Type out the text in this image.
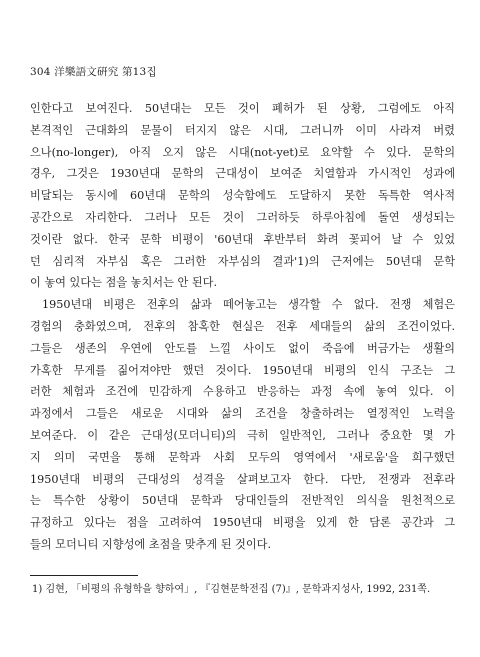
304 洋樂語文硏究 第13집
인한다고 보여진다. 50년대는 모든 것이 폐허가 된 상황, 그럼에도 아직
본격적인 근대화의 문물이 터지지 않은 시대, 그러니까 이미 사라져 버렸
으나(no-longer), 아직 오지 않은 시대(not-yet)로 요약할 수 있다. 문학의
경우, 그것은 1930년대 문학의 근대성이 보여준 치열함과 가시적인 성과에
비달되는 동시에 60년대 문학의 성숙함에도 도달하지 못한 독특한 역사적
공간으로 자리한다. 그러나 모든 것이 그러하듯 하루아침에 돌연 생성되는
것이란 없다. 한국 문학 비평이 '60년대 후반부터 화려 꽃피어 날 수 있었
던 심리적 자부심 혹은 그러한 자부심의 결과'1)의 근저에는 50년대 문학
이 놓여 있다는 점을 놓치서는 안 된다.
1950년대 비평은 전후의 삶과 떼어놓고는 생각할 수 없다. 전쟁 체험은
경험의 충화였으며, 전후의 참혹한 현실은 전후 세대들의 삶의 조건이었다.
그들은 생존의 우연에 안도를 느낄 사이도 없이 죽음에 버금가는 생활의
가혹한 무게를 짊어져야만 했던 것이다. 1950년대 비평의 인식 구조는 그
러한 체험과 조건에 민감하게 수용하고 반응하는 과정 속에 놓여 있다. 이
과정에서 그들은 새로운 시대와 삶의 조건을 창출하려는 열정적인 노력을
보여준다. 이 같은 근대성(모더니티)의 극히 일반적인, 그러나 중요한 몇 가
지 의미 국면을 통해 문학과 사회 모두의 영역에서 '새로움'을 희구했던
1950년대 비평의 근대성의 성격을 살펴보고자 한다. 다만, 전쟁과 전후라
는 특수한 상황이 50년대 문학과 당대인들의 전반적인 의식을 원천적으로
규정하고 있다는 점을 고려하여 1950년대 비평을 있게 한 담론 공간과 그
들의 모더니티 지향성에 초점을 맞추게 된 것이다.
1) 김현, 「비평의 유형학을 향하여」, 『김현문학전집 (7)』, 문학과지성사, 1992, 231쪽.
